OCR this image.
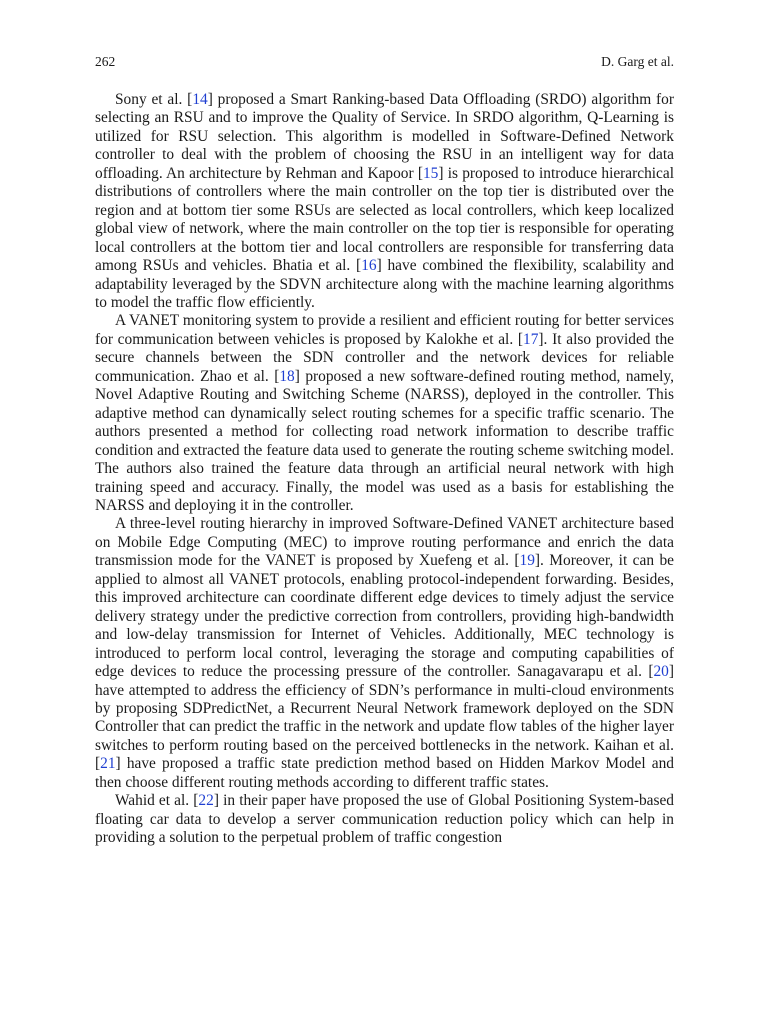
262	D. Garg et al.

Sony et al. [14] proposed a Smart Ranking-based Data Offloading (SRDO) algorithm for selecting an RSU and to improve the Quality of Service. In SRDO algorithm, Q-Learning is utilized for RSU selection. This algorithm is modelled in Software-Defined Network controller to deal with the problem of choosing the RSU in an intelligent way for data offloading. An architecture by Rehman and Kapoor [15] is proposed to introduce hierarchical distributions of controllers where the main controller on the top tier is distributed over the region and at bottom tier some RSUs are selected as local controllers, which keep localized global view of network, where the main controller on the top tier is responsible for operating local controllers at the bottom tier and local controllers are responsible for transferring data among RSUs and vehicles. Bhatia et al. [16] have combined the flexibility, scalability and adaptability leveraged by the SDVN architecture along with the machine learning algorithms to model the traffic flow efficiently.

A VANET monitoring system to provide a resilient and efficient routing for better services for communication between vehicles is proposed by Kalokhe et al. [17]. It also provided the secure channels between the SDN controller and the network devices for reliable communication. Zhao et al. [18] proposed a new software-defined routing method, namely, Novel Adaptive Routing and Switching Scheme (NARSS), deployed in the controller. This adaptive method can dynamically select routing schemes for a specific traffic scenario. The authors presented a method for collecting road network information to describe traffic condition and extracted the feature data used to generate the routing scheme switching model. The authors also trained the feature data through an artificial neural network with high training speed and accuracy. Finally, the model was used as a basis for establishing the NARSS and deploying it in the controller.

A three-level routing hierarchy in improved Software-Defined VANET architecture based on Mobile Edge Computing (MEC) to improve routing performance and enrich the data transmission mode for the VANET is proposed by Xuefeng et al. [19]. Moreover, it can be applied to almost all VANET protocols, enabling protocol-independent forwarding. Besides, this improved architecture can coordinate different edge devices to timely adjust the service delivery strategy under the predictive correction from controllers, providing high-bandwidth and low-delay transmission for Internet of Vehicles. Additionally, MEC technology is introduced to perform local control, leveraging the storage and computing capabilities of edge devices to reduce the processing pressure of the controller. Sanagavarapu et al. [20] have attempted to address the efficiency of SDN’s performance in multi-cloud environments by proposing SDPredictNet, a Recurrent Neural Network framework deployed on the SDN Controller that can predict the traffic in the network and update flow tables of the higher layer switches to perform routing based on the perceived bottlenecks in the network. Kaihan et al. [21] have proposed a traffic state prediction method based on Hidden Markov Model and then choose different routing methods according to different traffic states.

Wahid et al. [22] in their paper have proposed the use of Global Positioning System-based floating car data to develop a server communication reduction policy which can help in providing a solution to the perpetual problem of traffic congestion
